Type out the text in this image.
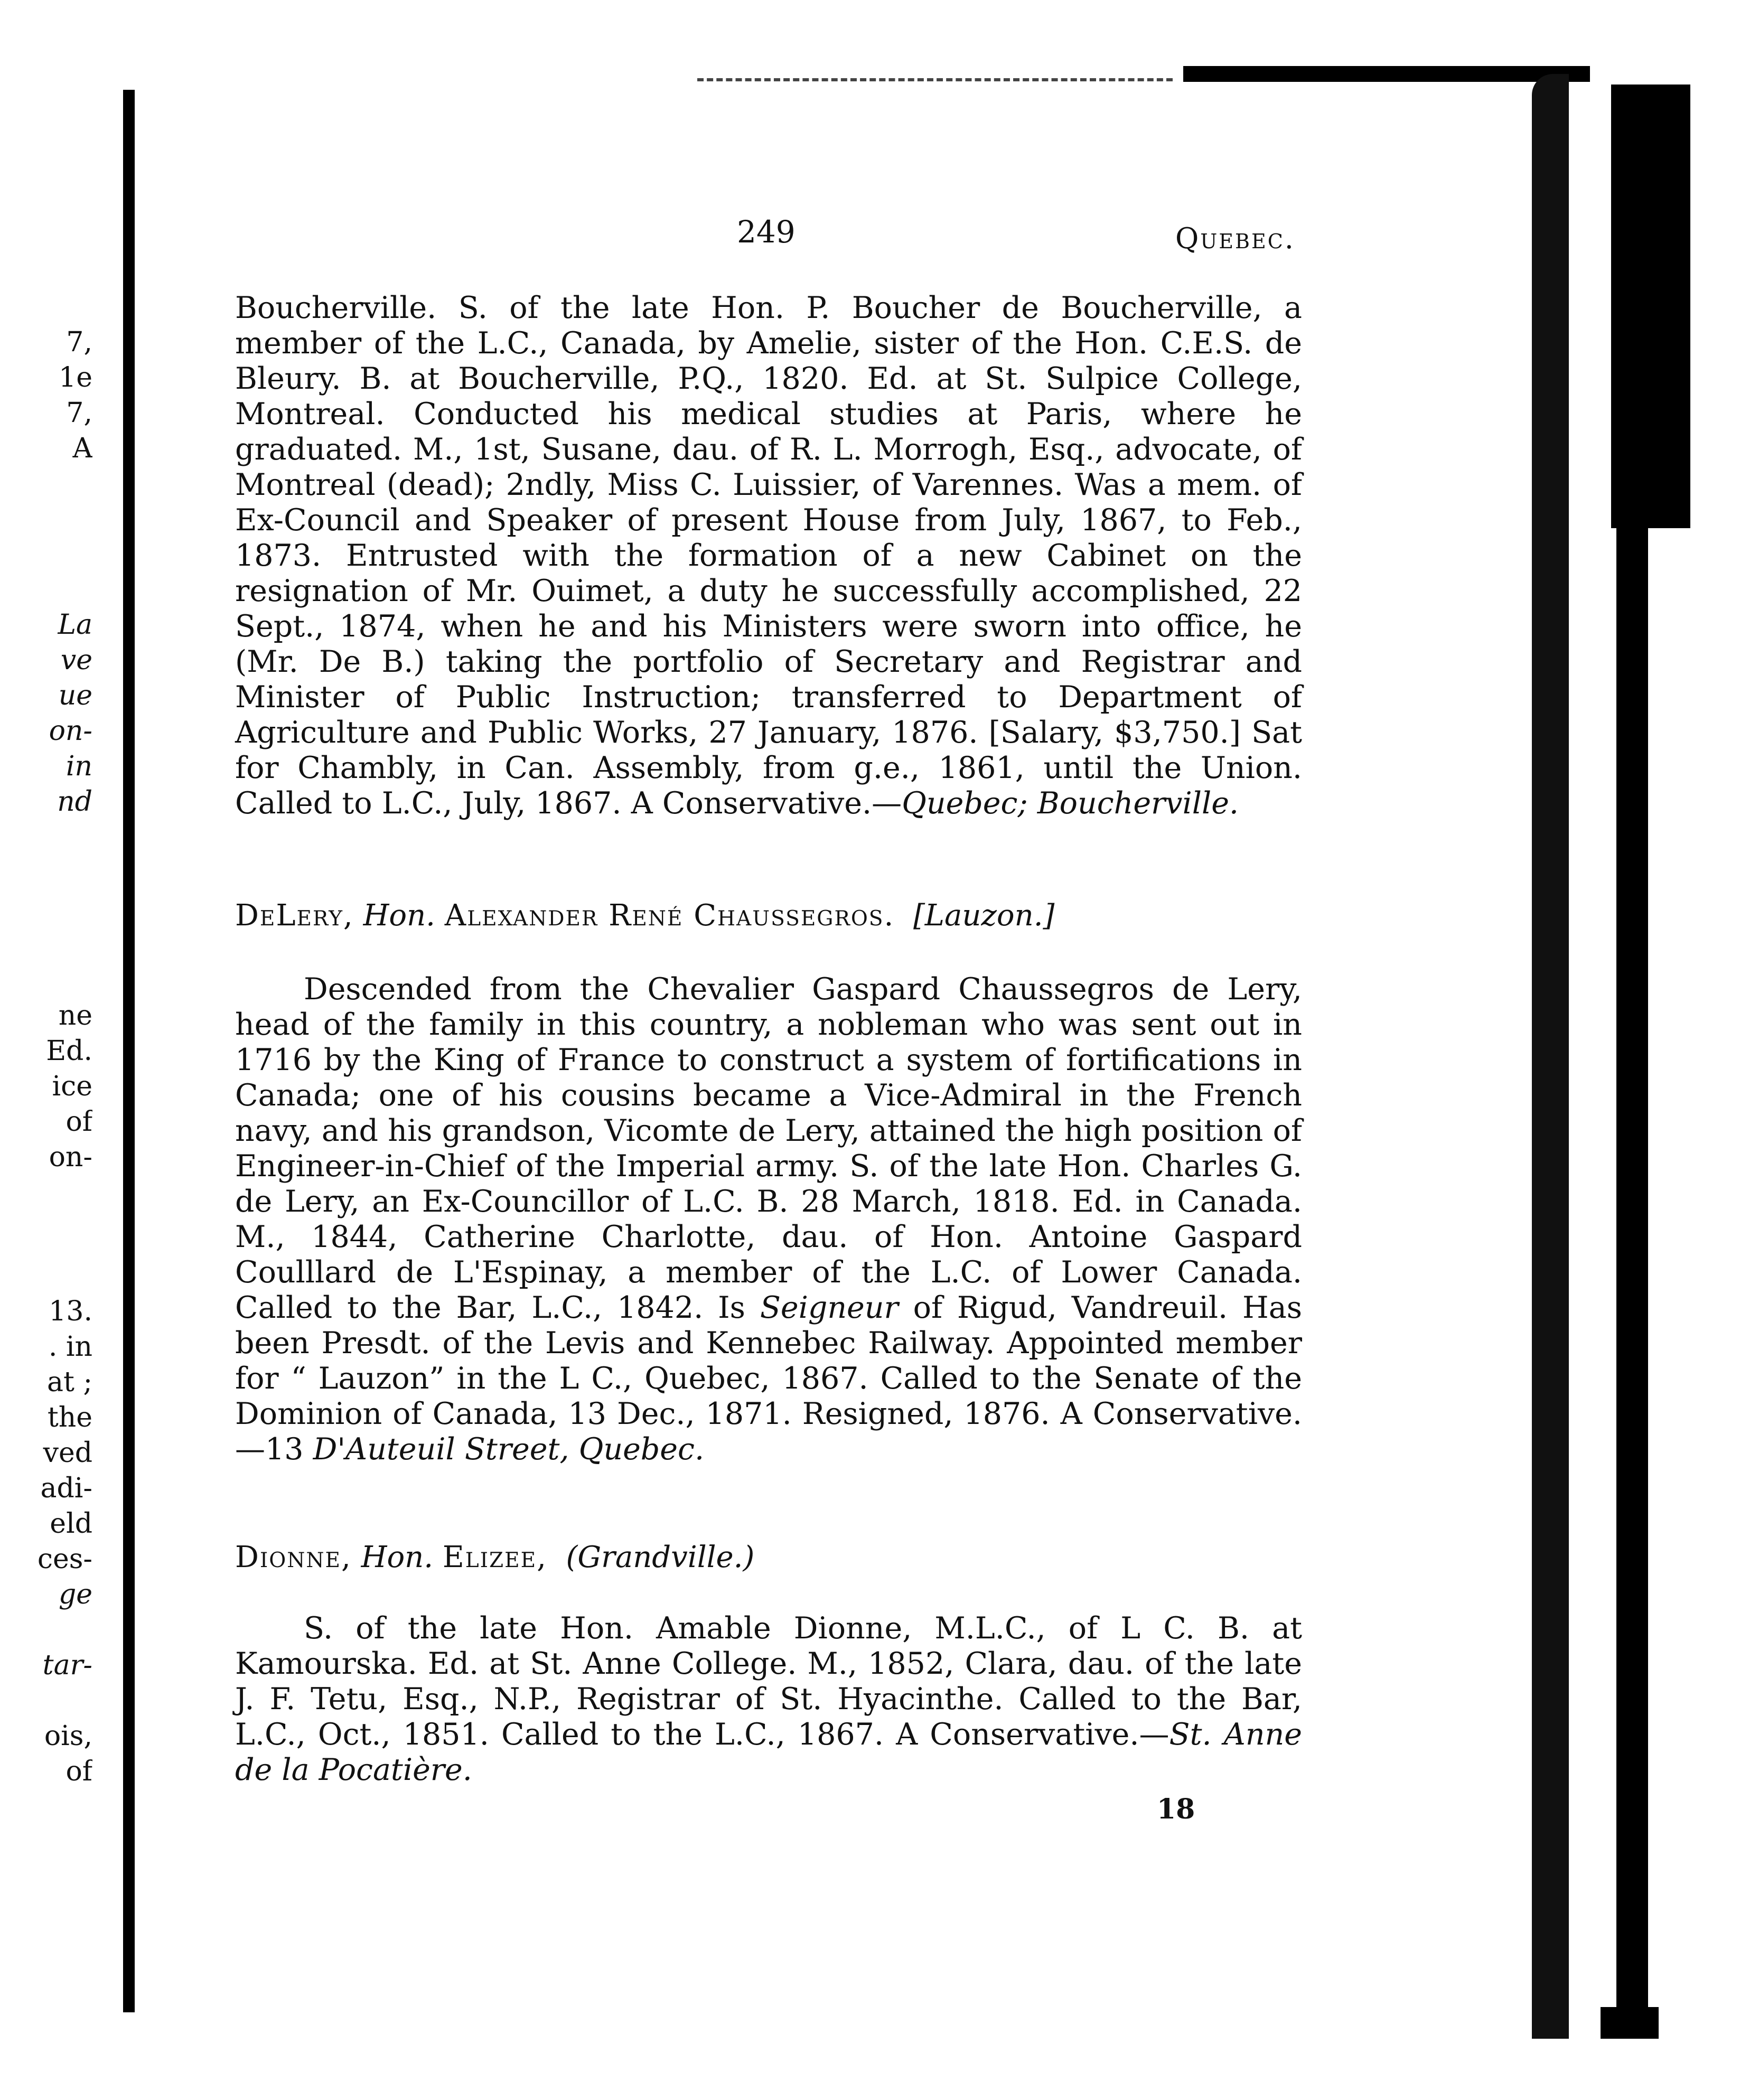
249	Quebec.
7,
1e
7,
A
La
ve
ue
on-
in
nd
ne
Ed.
ice
of
on-
13.
. in
at ;
the
ved
adi-
eld
ces-
ge
tar-
ois,
of

Boucherville. S. of the late Hon. P. Boucher de Boucherville, a member of the L.C., Canada, by Amelie, sister of the Hon. C.E.S. de Bleury. B. at Boucherville, P.Q., 1820. Ed. at St. Sulpice College, Montreal. Conducted his medical studies at Paris, where he graduated. M., 1st, Susane, dau. of R. L. Morrogh, Esq., advocate, of Montreal (dead); 2ndly, Miss C. Luissier, of Varennes. Was a mem. of Ex-Council and Speaker of present House from July, 1867, to Feb., 1873. Entrusted with the formation of a new Cabinet on the resignation of Mr. Ouimet, a duty he successfully accomplished, 22 Sept., 1874, when he and his Ministers were sworn into office, he (Mr. De B.) taking the portfolio of Secretary and Registrar and Minister of Public Instruction; transferred to Department of Agriculture and Public Works, 27 January, 1876. [Salary, $3,750.] Sat for Chambly, in Can. Assembly, from g.e., 1861, until the Union. Called to L.C., July, 1867. A Conservative.—Quebec; Boucherville.

DeLery, Hon. Alexander René Chaussegros. [Lauzon.]

Descended from the Chevalier Gaspard Chaussegros de Lery, head of the family in this country, a nobleman who was sent out in 1716 by the King of France to construct a system of fortifications in Canada; one of his cousins became a Vice-Admiral in the French navy, and his grandson, Vicomte de Lery, attained the high position of Engineer-in-Chief of the Imperial army. S. of the late Hon. Charles G. de Lery, an Ex-Councillor of L.C. B. 28 March, 1818. Ed. in Canada. M., 1844, Catherine Charlotte, dau. of Hon. Antoine Gaspard Coulllard de L'Espinay, a member of the L.C. of Lower Canada. Called to the Bar, L.C., 1842. Is Seigneur of Rigud, Vandreuil. Has been Presdt. of the Levis and Kennebec Railway. Appointed member for “ Lauzon” in the L C., Quebec, 1867. Called to the Senate of the Dominion of Canada, 13 Dec., 1871. Resigned, 1876. A Conservative.—13 D'Auteuil Street, Quebec.

Dionne, Hon. Elizee, (Grandville.)

S. of the late Hon. Amable Dionne, M.L.C., of L C. B. at Kamourska. Ed. at St. Anne College. M., 1852, Clara, dau. of the late J. F. Tetu, Esq., N.P., Registrar of St. Hyacinthe. Called to the Bar, L.C., Oct., 1851. Called to the L.C., 1867. A Conservative.—St. Anne de la Pocatière.

18
